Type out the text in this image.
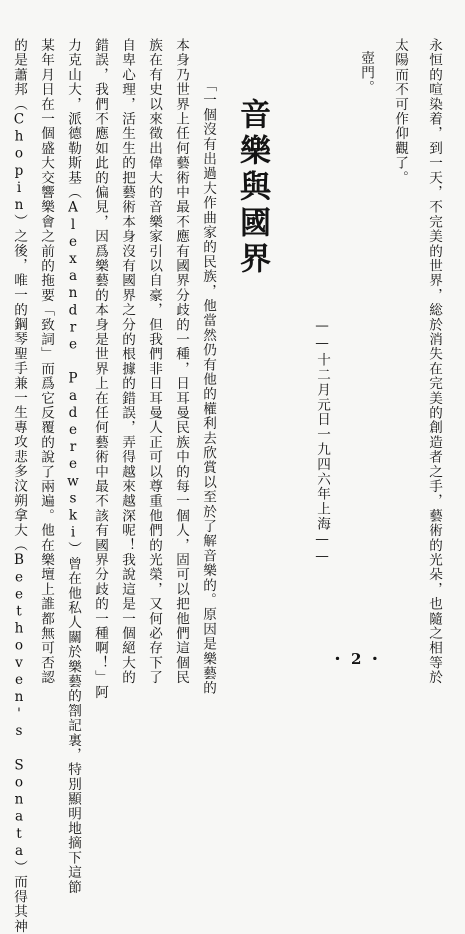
永恒的喧染着，到一天，不完美的世界，総於消失在完美的創造者之手，藝術的光朵，也隨之相等於
太陽而不可作仰觀了。
　壺門。
——十二月元日一九四六年上海——
音樂與國界
「一個沒有出過大作曲家的民族，他當然仍有他的權利去欣賞以至於了解音樂的。原因是樂藝的
本身乃世界上任何藝術中最不應有國界分歧的一種，日耳曼民族中的每一個人，固可以把他們這個民
族在有史以來徵出偉大的音樂家引以自豪，但我們非日耳曼人正可以尊重他們的光榮，又何必存下了
自卑心理，活生生的把藝術本身沒有國界之分的根據的錯誤，弄得越來越深呢！我說這是一個絕大的
錯誤，我們不應如此的偏見，因爲樂藝的本身是世界上在任何藝術中最不該有國界分歧的一種啊！」阿
力克山大，派德勒斯基（Alexandre Paderewski）曾在他私人關於樂藝的劄記裏，特別顯明地摘下這節
某年月日在一個盛大交響樂會之前的拖要「致詞」而爲它反覆的說了兩遍。他在樂壇上誰都無可否認
的是蕭邦（Chopin）之後，唯一的鋼琴聖手兼一生專攻悲多汶朔拿大（Beethoven's Sonata）而得其神	・2・
